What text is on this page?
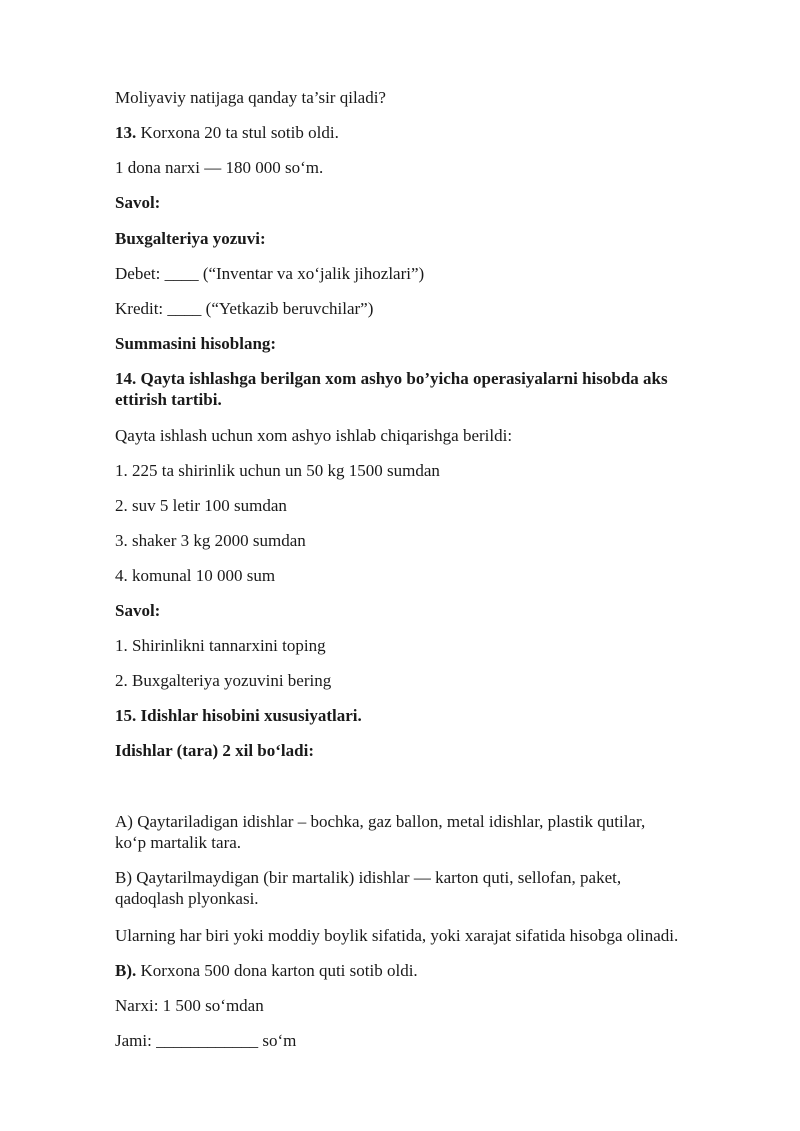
Moliyaviy natijaga qanday ta’sir qiladi?
13. Korxona 20 ta stul sotib oldi.
1 dona narxi — 180 000 so‘m.
Savol:
Buxgalteriya yozuvi:
Debet: ____ (“Inventar va xo‘jalik jihozlari”)
Kredit: ____ (“Yetkazib beruvchilar”)
Summasini hisoblang:
14. Qayta ishlashga berilgan xom ashyo bo’yicha operasiyalarni hisobda aks
ettirish tartibi.
Qayta ishlash uchun xom ashyo ishlab chiqarishga berildi:
1. 225 ta shirinlik uchun un 50 kg 1500 sumdan
2. suv 5 letir 100 sumdan
3. shaker 3 kg 2000 sumdan
4. komunal 10 000 sum
Savol:
1. Shirinlikni tannarxini toping
2. Buxgalteriya yozuvini bering
15. Idishlar hisobini xususiyatlari.
Idishlar (tara) 2 xil bo‘ladi:
A) Qaytariladigan idishlar – bochka, gaz ballon, metal idishlar, plastik qutilar,
ko‘p martalik tara.
B) Qaytarilmaydigan (bir martalik) idishlar — karton quti, sellofan, paket,
qadoqlash plyonkasi.
Ularning har biri yoki moddiy boylik sifatida, yoki xarajat sifatida hisobga olinadi.
B). Korxona 500 dona karton quti sotib oldi.
Narxi: 1 500 so‘mdan
Jami: ____________ so‘m
